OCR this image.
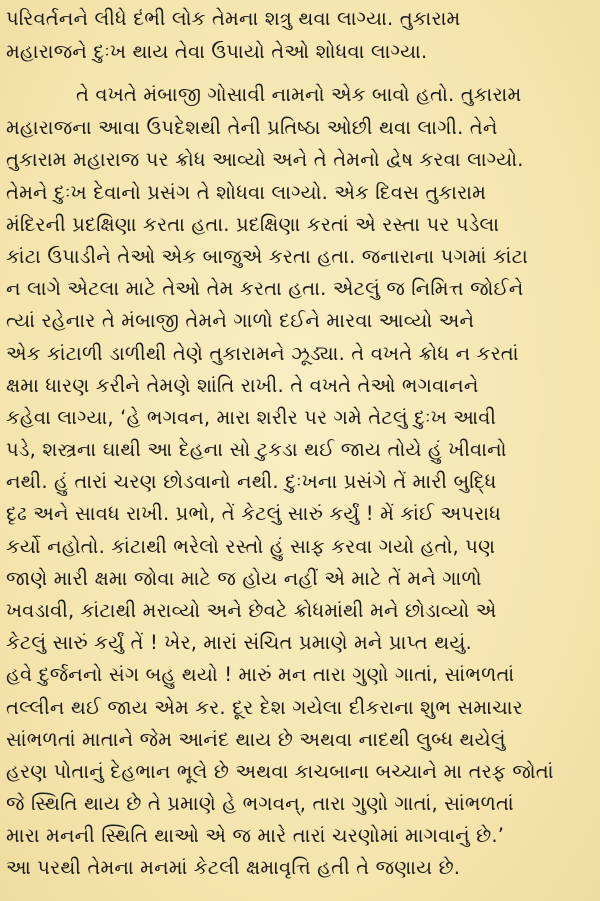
પરિવર્તનને લીધે દંભી લોક તેમના શત્રુ થવા લાગ્યા. તુકારામ
મહારાજને દુઃખ થાય તેવા ઉપાયો તેઓ શોધવા લાગ્યા.
તે વખતે મંબાજી ગોસાવી નામનો એક બાવો હતો. તુકારામ
મહારાજના આવા ઉપદેશથી તેની પ્રતિષ્ઠા ઓછી થવા લાગી. તેને
તુકારામ મહારાજ પર ક્રોધ આવ્યો અને તે તેમનો દ્વેષ કરવા લાગ્યો.
તેમને દુઃખ દેવાનો પ્રસંગ તે શોધવા લાગ્યો. એક દિવસ તુકારામ
મંદિરની પ્રદક્ષિણા કરતા હતા. પ્રદક્ષિણા કરતાં એ રસ્તા પર પડેલા
કાંટા ઉપાડીને તેઓ એક બાજુએ કરતા હતા. જનારાના પગમાં કાંટા
ન લાગે એટલા માટે તેઓ તેમ કરતા હતા. એટલું જ નિમિત્ત જોઈને
ત્યાં રહેનાર તે મંબાજી તેમને ગાળો દઈને મારવા આવ્યો અને
એક કાંટાળી ડાળીથી તેણે તુકારામને ઝૂડ્યા. તે વખતે ક્રોધ ન કરતાં
ક્ષમા ધારણ કરીને તેમણે શાંતિ રાખી. તે વખતે તેઓ ભગવાનને
કહેવા લાગ્યા, ‘હે ભગવન, મારા શરીર પર ગમે તેટલું દુઃખ આવી
પડે, શસ્ત્રના ઘાથી આ દેહના સો ટુકડા થઈ જાય તોયે હું ખીવાનો
નથી. હું તારાં ચરણ છોડવાનો નથી. દુઃખના પ્રસંગે તેં મારી બુદ્ધિ
દૃઢ અને સાવધ રાખી. પ્રભો, તેં કેટલું સારું કર્યું ! મેં કાંઈ અપરાધ
કર્યો નહોતો. કાંટાથી ભરેલો રસ્તો હું સાફ કરવા ગયો હતો, પણ
જાણે મારી ક્ષમા જોવા માટે જ હોય નહીં એ માટે તેં મને ગાળો
ખવડાવી, કાંટાથી મરાવ્યો અને છેવટે ક્રોધમાંથી મને છોડાવ્યો એ
કેટલું સારું કર્યું તેં ! ખેર, મારાં સંચિત પ્રમાણે મને પ્રાપ્ત થયું.
હવે દુર્જનનો સંગ બહુ થયો ! મારું મન તારા ગુણો ગાતાં, સાંભળતાં
તલ્લીન થઈ જાય એમ કર. દૂર દેશ ગયેલા દીકરાના શુભ સમાચાર
સાંભળતાં માતાને જેમ આનંદ થાય છે અથવા નાદથી લુબ્ધ થયેલું
હરણ પોતાનું દેહભાન ભૂલે છે અથવા કાચબાના બચ્ચાને મા તરફ જોતાં
જે સ્થિતિ થાય છે તે પ્રમાણે હે ભગવન્, તારા ગુણો ગાતાં, સાંભળતાં
મારા મનની સ્થિતિ થાઓ એ જ મારે તારાં ચરણોમાં માગવાનું છે.’
આ પરથી તેમના મનમાં કેટલી ક્ષમાવૃત્તિ હતી તે જણાય છે.
